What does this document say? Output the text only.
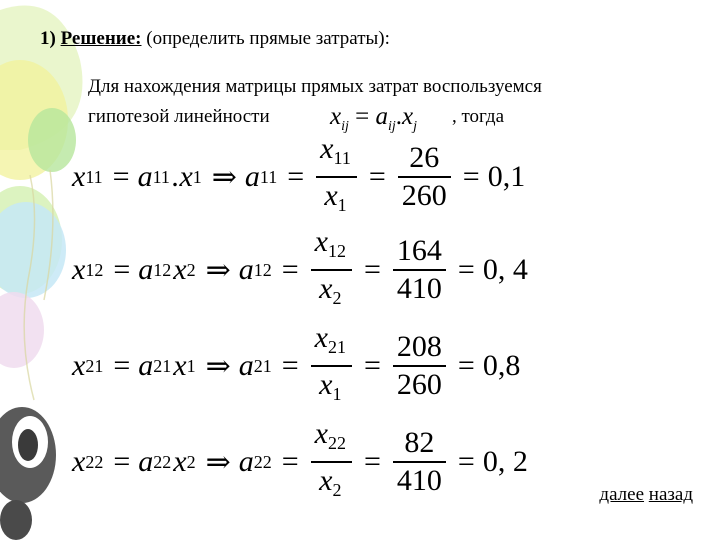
1) Решение: (определить прямые затраты):
Для нахождения матрицы прямых затрат воспользуемся
гипотезой линейности $x_{ij} = a_{ij}.x_j$ , тогда
x 11 = a 11 .x 1 ⇒ a $11 = \frac{x_{11}}{x_1} = \frac{26}{260} = 0,1$
x 12 = a 12 x 2 ⇒ a $12 = \frac{x_{12}}{x_2} = \frac{164}{410} = 0$, 4
x 21 = a 21 x 1 ⇒ a $21 = \frac{x_{21}}{x_1} = \frac{208}{260} = 0,8$
x 22 = a 22 x 2 ⇒ a $22 = \frac{x_{22}}{x_2} = \frac{82}{410} = 0$, 2
далее назад
